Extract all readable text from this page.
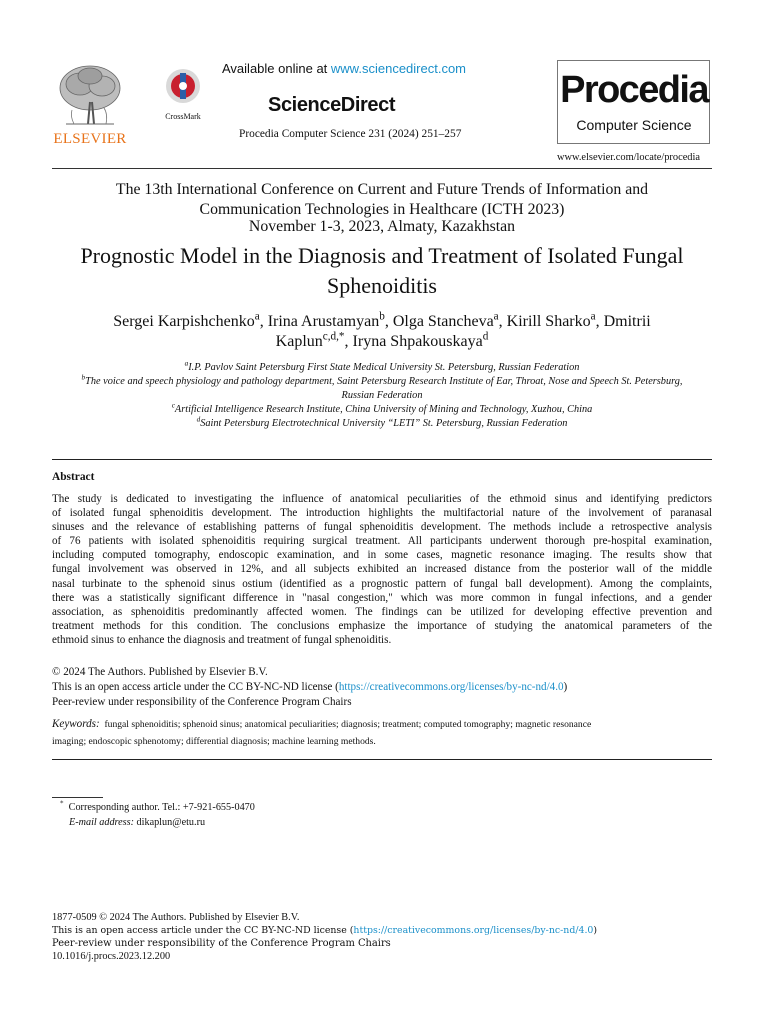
ELSEVIER
CrossMark
Available online at www.sciencedirect.com
ScienceDirect
Procedia Computer Science 231 (2024) 251–257
Procedia
Computer Science
www.elsevier.com/locate/procedia
The 13th International Conference on Current and Future Trends of Information and
Communication Technologies in Healthcare (ICTH 2023)
November 1-3, 2023, Almaty, Kazakhstan
Prognostic Model in the Diagnosis and Treatment of Isolated Fungal
Sphenoiditis
Sergei Karpishchenko$^a$, Irina Arustamyan$^b$, Olga Stancheva$^a$, Kirill Sharko$^a$, Dmitrii
Kaplun$^{c,d,*}$, Iryna Shpakouskaya$^d$
$^a$I.P. Pavlov Saint Petersburg First State Medical University St. Petersburg, Russian Federation
$^b$The voice and speech physiology and pathology department, Saint Petersburg Research Institute of Ear, Throat, Nose and Speech St. Petersburg,
Russian Federation
$^c$Artificial Intelligence Research Institute, China University of Mining and Technology, Xuzhou, China
$^d$Saint Petersburg Electrotechnical University “LETI” St. Petersburg, Russian Federation
Abstract
The study is dedicated to investigating the influence of anatomical peculiarities of the ethmoid sinus and identifying predictors
of isolated fungal sphenoiditis development. The introduction highlights the multifactorial nature of the involvement of paranasal
sinuses and the relevance of establishing patterns of fungal sphenoiditis development. The methods include a retrospective analysis
of 76 patients with isolated sphenoiditis requiring surgical treatment. All participants underwent thorough pre-hospital examination,
including computed tomography, endoscopic examination, and in some cases, magnetic resonance imaging. The results show that
fungal involvement was observed in 12%, and all subjects exhibited an increased distance from the posterior wall of the middle
nasal turbinate to the sphenoid sinus ostium (identified as a prognostic pattern of fungal ball development). Among the complaints,
there was a statistically significant difference in "nasal congestion," which was more common in fungal infections, and a gender
association, as sphenoiditis predominantly affected women. The findings can be utilized for developing effective prevention and
treatment methods for this condition. The conclusions emphasize the importance of studying the anatomical parameters of the
ethmoid sinus to enhance the diagnosis and treatment of fungal sphenoiditis.
© 2024 The Authors. Published by Elsevier B.V.
This is an open access article under the CC BY-NC-ND license (https://creativecommons.org/licenses/by-nc-nd/4.0)
Peer-review under responsibility of the Conference Program Chairs
Keywords: fungal sphenoiditis; sphenoid sinus; anatomical peculiarities; diagnosis; treatment; computed tomography; magnetic resonance
imaging; endoscopic sphenotomy; differential diagnosis; machine learning methods.
* Corresponding author. Tel.: +7-921-655-0470
E-mail address: dikaplun@etu.ru
1877-0509 © 2024 The Authors. Published by Elsevier B.V.
This is an open access article under the CC BY-NC-ND license (https://creativecommons.org/licenses/by-nc-nd/4.0)
Peer-review under responsibility of the Conference Program Chairs
10.1016/j.procs.2023.12.200
